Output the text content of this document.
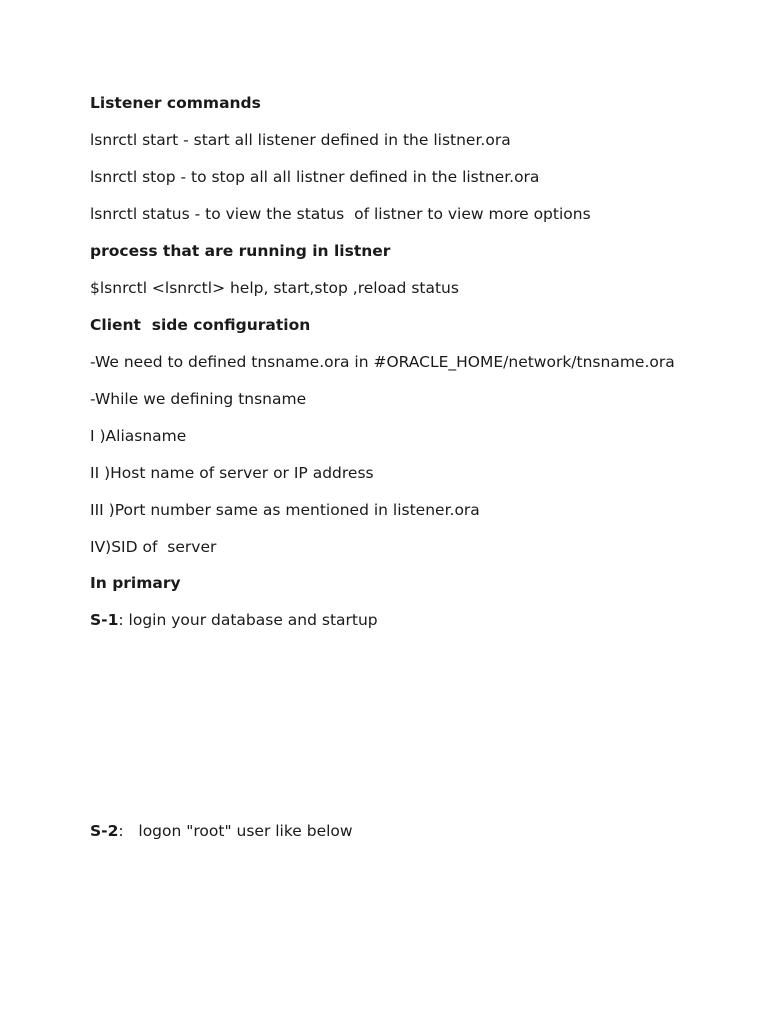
Listener commands
lsnrctl start - start all listener defined in the listner.ora
lsnrctl stop - to stop all all listner defined in the listner.ora
lsnrctl status - to view the status  of listner to view more options
process that are running in listner
$lsnrctl <lsnrctl> help, start,stop ,reload status
Client  side configuration
-We need to defined tnsname.ora in #ORACLE_HOME/network/tnsname.ora
-While we defining tnsname
I )Aliasname
II )Host name of server or IP address
III )Port number same as mentioned in listener.ora
IV)SID of  server
In primary
S-1: login your database and startup
S-2:   logon "root" user like below
